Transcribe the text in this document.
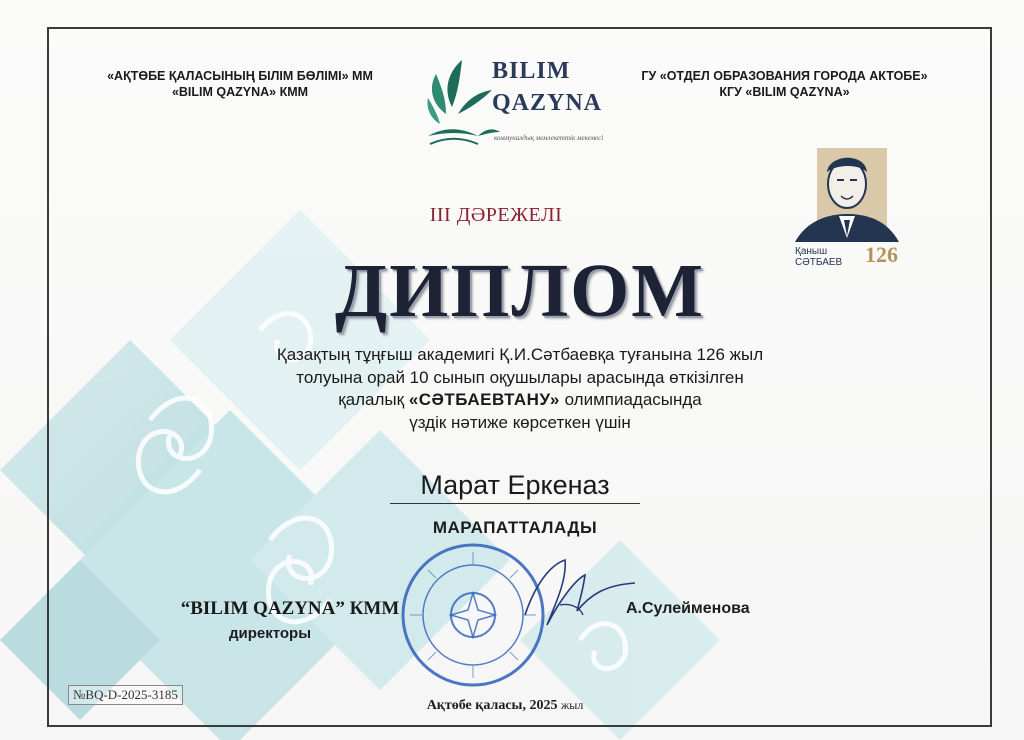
«АҚТӨБЕ ҚАЛАСЫНЫҢ БІЛІМ БӨЛІМІ» ММ
«BILIM QAZYNA» КММ
BILIM
QAZYNA
коммуналдық мемлекеттік мекемесі
ГУ «ОТДЕЛ ОБРАЗОВАНИЯ ГОРОДА АКТОБЕ»
КГУ «BILIM QAZYNA»
Қаныш
СӘТБАЕВ 126
III ДӘРЕЖЕЛІ
ДИПЛОМ
Қазақтың тұңғыш академигі Қ.И.Сәтбаевқа туғанына 126 жыл
толуына орай 10 сынып оқушылары арасында өткізілген
қалалық «СӘТБАЕВТАНУ» олимпиадасында
үздік нәтиже көрсеткен үшін
Марат Еркеназ
МАРАПАТТАЛАДЫ
“BILIM QAZYNA” КММ
директоры
А.Сулейменова
№BQ-D-2025-3185
Ақтөбе қаласы, 2025 жыл
